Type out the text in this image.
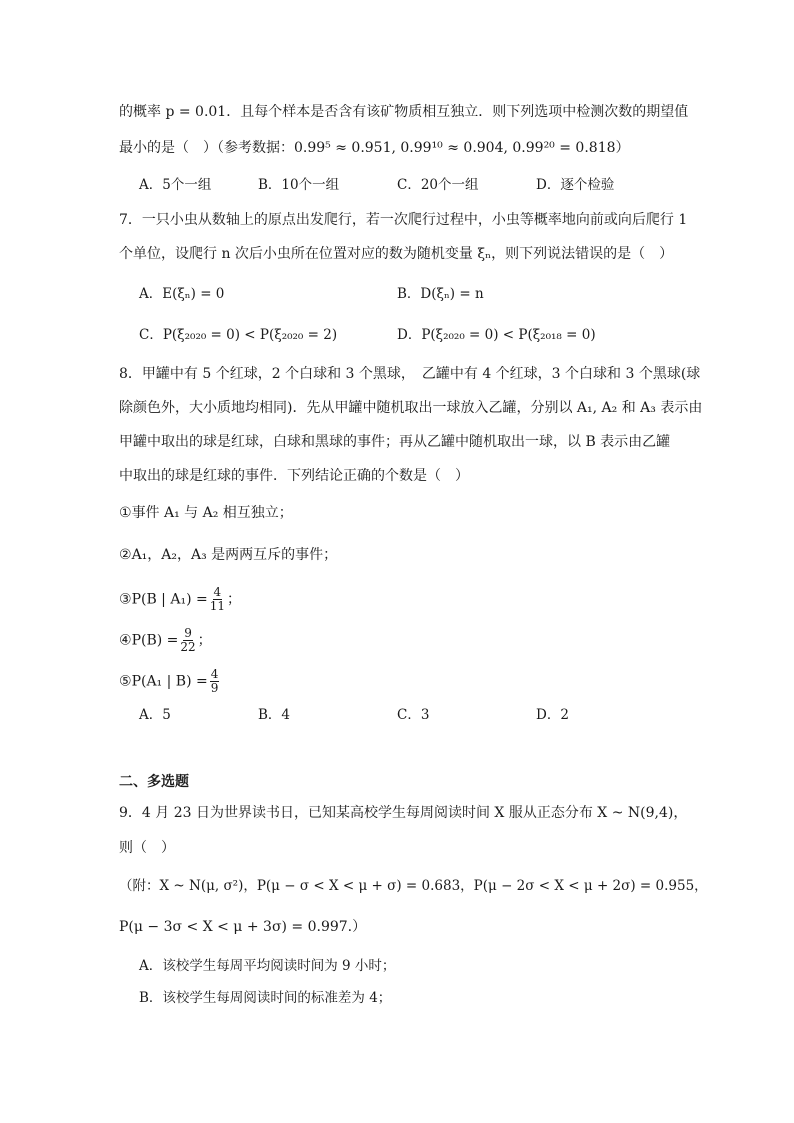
的概率 p = 0.01．且每个样本是否含有该矿物质相互独立．则下列选项中检测次数的期望值
最小的是（　）（参考数据：0.99⁵ ≈ 0.951, 0.99¹⁰ ≈ 0.904, 0.99²⁰ = 0.818）
A．5个一组	B．10个一组	C．20个一组	D．逐个检验
7．一只小虫从数轴上的原点出发爬行，若一次爬行过程中，小虫等概率地向前或向后爬行 1
个单位，设爬行 n 次后小虫所在位置对应的数为随机变量 ξₙ，则下列说法错误的是（　）
A．E(ξₙ) = 0	B．D(ξₙ) = n
C．P(ξ₂₀₂₀ = 0) < P(ξ₂₀₂₀ = 2)	D．P(ξ₂₀₂₀ = 0) < P(ξ₂₀₁₈ = 0)
8．甲罐中有 5 个红球，2 个白球和 3 个黑球，　乙罐中有 4 个红球，3 个白球和 3 个黑球(球
除颜色外，大小质地均相同)．先从甲罐中随机取出一球放入乙罐，分别以 A₁, A₂ 和 A₃ 表示由
甲罐中取出的球是红球，白球和黑球的事件；再从乙罐中随机取出一球，以 B 表示由乙罐
中取出的球是红球的事件．下列结论正确的个数是（　）
①事件 A₁ 与 A₂ 相互独立；
②A₁，A₂，A₃ 是两两互斥的事件；
③P(B | $A_1) = \frac{4}{11}$ ；
④P(B) = $\frac{9}{22}$ ；
⑤P(A₁ | $B) = \frac{4}{9}$
A．5	B．4	C．3	D．2
二、多选题
9．4 月 23 日为世界读书日，已知某高校学生每周阅读时间 X 服从正态分布 X ~ N(9,4)，
则（　）
（附：X ~ N(μ, σ²)，P(μ − σ < X < μ + σ) = 0.683，P(μ − 2σ < X < μ + 2σ) = 0.955，
P(μ − 3σ < X < μ + 3σ) = 0.997.）
A．该校学生每周平均阅读时间为 9 小时；
B．该校学生每周阅读时间的标准差为 4；
